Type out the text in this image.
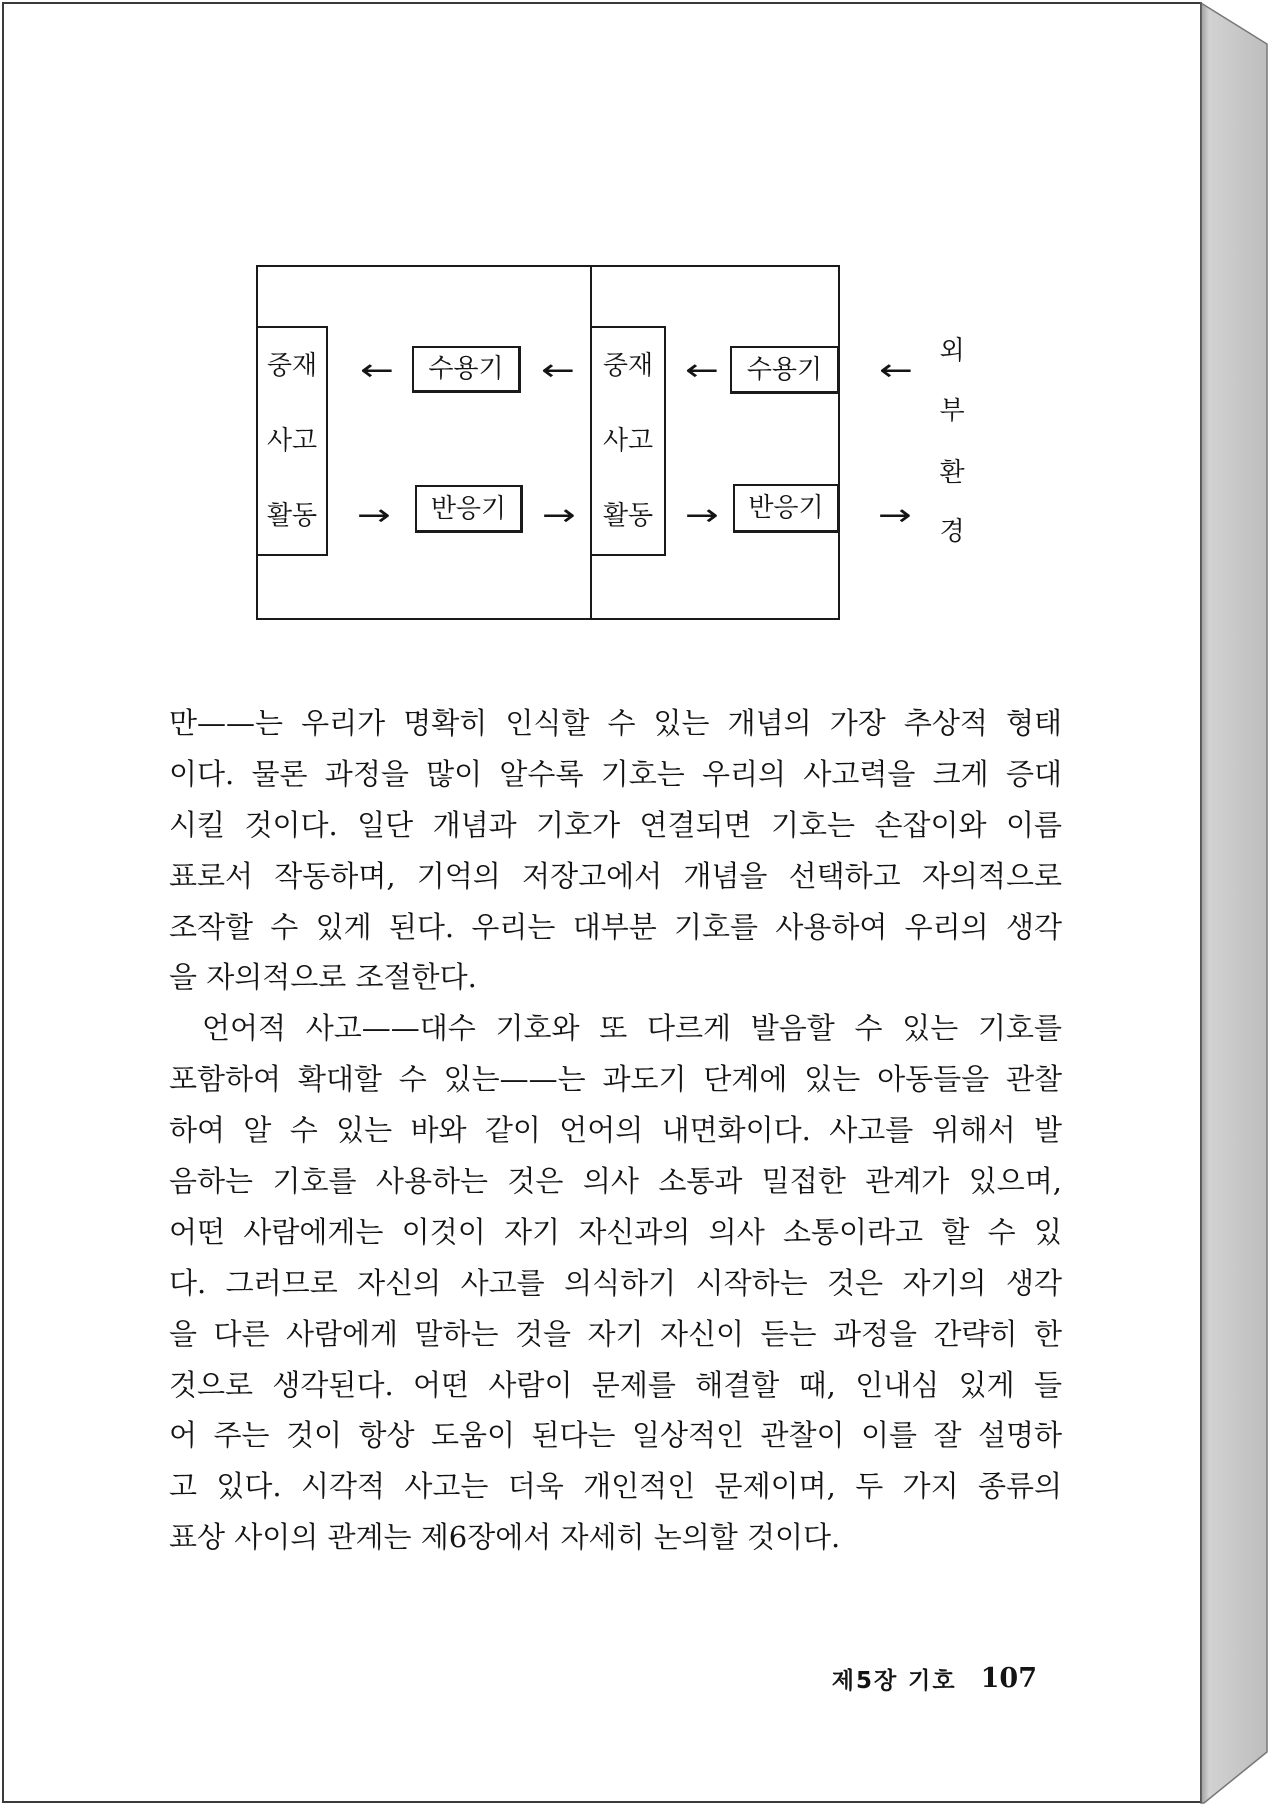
중재
사고
활동
수용기
반응기
중재
사고
활동
수용기
반응기
←	←	←	←
→	→	→	→
외
부
환
경
만——는 우리가 명확히 인식할 수 있는 개념의 가장 추상적 형태
이다. 물론 과정을 많이 알수록 기호는 우리의 사고력을 크게 증대
시킬 것이다. 일단 개념과 기호가 연결되면 기호는 손잡이와 이름
표로서 작동하며, 기억의 저장고에서 개념을 선택하고 자의적으로
조작할 수 있게 된다. 우리는 대부분 기호를 사용하여 우리의 생각
을 자의적으로 조절한다.
언어적 사고——대수 기호와 또 다르게 발음할 수 있는 기호를
포함하여 확대할 수 있는——는 과도기 단계에 있는 아동들을 관찰
하여 알 수 있는 바와 같이 언어의 내면화이다. 사고를 위해서 발
음하는 기호를 사용하는 것은 의사 소통과 밀접한 관계가 있으며,
어떤 사람에게는 이것이 자기 자신과의 의사 소통이라고 할 수 있
다. 그러므로 자신의 사고를 의식하기 시작하는 것은 자기의 생각
을 다른 사람에게 말하는 것을 자기 자신이 듣는 과정을 간략히 한
것으로 생각된다. 어떤 사람이 문제를 해결할 때, 인내심 있게 들
어 주는 것이 항상 도움이 된다는 일상적인 관찰이 이를 잘 설명하
고 있다. 시각적 사고는 더욱 개인적인 문제이며, 두 가지 종류의
표상 사이의 관계는 제6장에서 자세히 논의할 것이다.
제5장 기호 107
